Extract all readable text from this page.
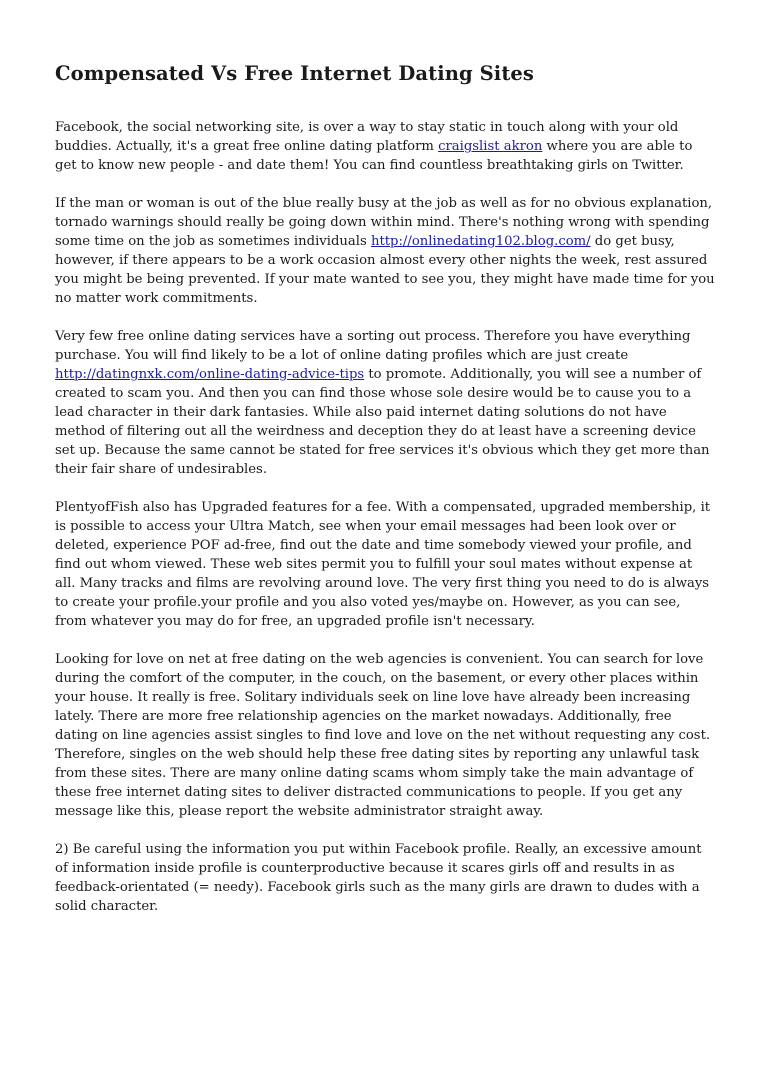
Compensated Vs Free Internet Dating Sites

Facebook, the social networking site, is over a way to stay static in touch along with your old buddies. Actually, it's a great free online dating platform craigslist akron where you are able to get to know new people - and date them! You can find countless breathtaking girls on Twitter.

If the man or woman is out of the blue really busy at the job as well as for no obvious explanation, tornado warnings should really be going down within mind. There's nothing wrong with spending some time on the job as sometimes individuals http://onlinedating102.blog.com/ do get busy, however, if there appears to be a work occasion almost every other nights the week, rest assured you might be being prevented. If your mate wanted to see you, they might have made time for you no matter work commitments.

Very few free online dating services have a sorting out process. Therefore you have everything purchase. You will find likely to be a lot of online dating profiles which are just create http://datingnxk.com/online-dating-advice-tips to promote. Additionally, you will see a number of created to scam you. And then you can find those whose sole desire would be to cause you to a lead character in their dark fantasies. While also paid internet dating solutions do not have method of filtering out all the weirdness and deception they do at least have a screening device set up. Because the same cannot be stated for free services it's obvious which they get more than their fair share of undesirables.

PlentyofFish also has Upgraded features for a fee. With a compensated, upgraded membership, it is possible to access your Ultra Match, see when your email messages had been look over or deleted, experience POF ad-free, find out the date and time somebody viewed your profile, and find out whom viewed. These web sites permit you to fulfill your soul mates without expense at all. Many tracks and films are revolving around love. The very first thing you need to do is always to create your profile.your profile and you also voted yes/maybe on. However, as you can see, from whatever you may do for free, an upgraded profile isn't necessary.

Looking for love on net at free dating on the web agencies is convenient. You can search for love during the comfort of the computer, in the couch, on the basement, or every other places within your house. It really is free. Solitary individuals seek on line love have already been increasing lately. There are more free relationship agencies on the market nowadays. Additionally, free dating on line agencies assist singles to find love and love on the net without requesting any cost. Therefore, singles on the web should help these free dating sites by reporting any unlawful task from these sites. There are many online dating scams whom simply take the main advantage of these free internet dating sites to deliver distracted communications to people. If you get any message like this, please report the website administrator straight away.

2) Be careful using the information you put within Facebook profile. Really, an excessive amount of information inside profile is counterproductive because it scares girls off and results in as feedback-orientated (= needy). Facebook girls such as the many girls are drawn to dudes with a solid character.
